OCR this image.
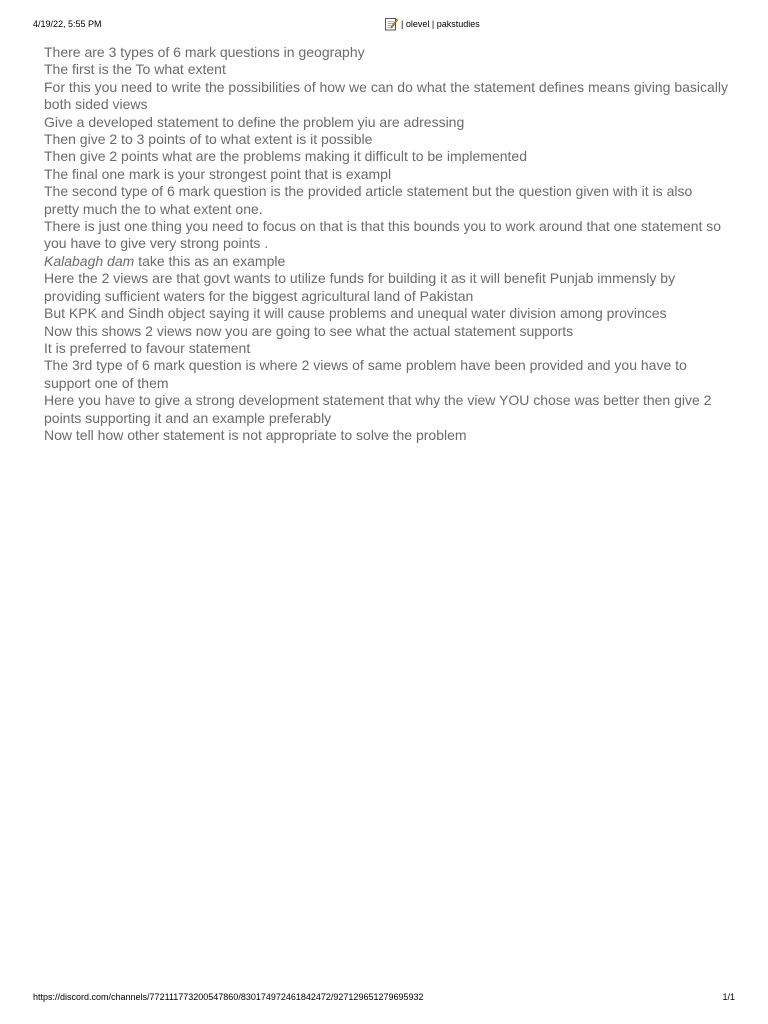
4/19/22, 5:55 PM	| olevel | pakstudies
There are 3 types of 6 mark questions in geography
The first is the To what extent
For this you need to write the possibilities of how we can do what the statement defines means giving basically both sided views
Give a developed statement to define the problem yiu are adressing
Then give 2 to 3 points of to what extent is it possible
Then give 2 points what are the problems making it difficult to be implemented
The final one mark is your strongest point that is exampl
The second type of 6 mark question is the provided article statement but the question given with it is also pretty much the to what extent one.
There is just one thing you need to focus on that is that this bounds you to work around that one statement so you have to give very strong points .
Kalabagh dam take this as an example
Here the 2 views are that govt wants to utilize funds for building it as it will benefit Punjab immensly by providing sufficient waters for the biggest agricultural land of Pakistan
But KPK and Sindh object saying it will cause problems and unequal water division among provinces
Now this shows 2 views now you are going to see what the actual statement supports
It is preferred to favour statement
The 3rd type of 6 mark question is where 2 views of same problem have been provided and you have to support one of them
Here you have to give a strong development statement that why the view YOU chose was better then give 2 points supporting it and an example preferably
Now tell how other statement is not appropriate to solve the problem
https://discord.com/channels/772111773200547860/830174972461842472/927129651279695932	1/1
